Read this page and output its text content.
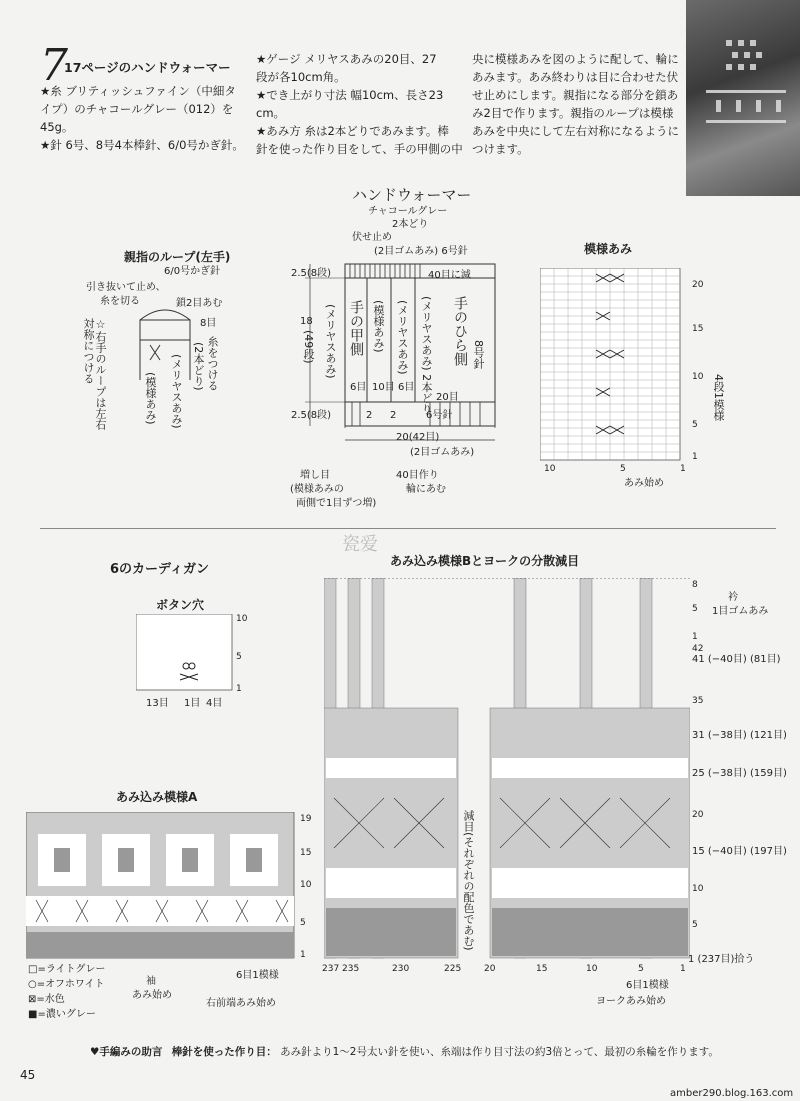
7
17ページのハンドウォーマー
★糸 ブリティッシュファイン（中細タ
イプ）のチャコールグレー（012）を
45g。
★針 6号、8号4本棒針、6/0号かぎ針。
★ゲージ メリヤスあみの20目、27
段が各10cm角。
★でき上がり寸法 幅10cm、長さ23
cm。
★あみ方 糸は2本どりであみます。棒
針を使った作り目をして、手の甲側の中
央に模様あみを図のように配して、輪に
あみます。あみ終わりは目に合わせた伏
せ止めにします。親指になる部分を鎖あ
み2目で作ります。親指のループは模様
あみを中央にして左右対称になるように
つけます。
ハンドウォーマー
チャコールグレー
2本どり
伏せ止め
(2目ゴムあみ) 6号針
40目に減
2.5(8段)
18
(49段)
2.5(8段)
手の甲側
(メリヤスあみ)	(模様あみ) (メリヤスあみ) (メリヤスあみ) 2本どり 手のひら側 8号針
6目 10目 6目
20目
2 2	6号針
20(42目)
(2目ゴムあみ)
増し目
(模様あみの
両側で1目ずつ増)
40目作り
輪にあむ
親指のループ(左手)
6/0号かぎ針
引き抜いて止め、
糸を切る	鎖2目あむ
8目
糸をつける
(2本どり)
(メリヤスあみ)
(模様あみ)
☆右手のループは左右対称につける
模様あみ
20
15
10
5
1
4段1模様
10	5	1
あみ始め
瓷爱
6のカーディガン
ボタン穴
10
5
1
13目 1目 4目
あみ込み模様A
19
15
10
5
1
6目1模様
袖
あみ始め
右前端あみ始め
□=ライトグレー
○=オフホワイト
⊠=水色
■=濃いグレー
あみ込み模様Bとヨークの分散減目
減目(それぞれの配色であむ)
8
5
1
衿
1目ゴムあみ
42
41 (−40目) (81目)
35
31 (−38目) (121目)
25 (−38目) (159目)
20
15 (−40目) (197目)
10
5
1 (237目)拾う
237 235	230	225	20	15	10	5	1
6目1模様
ヨークあみ始め
♥手編みの助言 棒針を使った作り目： あみ針より1〜2号太い針を使い、糸端は作り目寸法の約3倍とって、最初の糸輪を作ります。
45
amber290.blog.163.com
